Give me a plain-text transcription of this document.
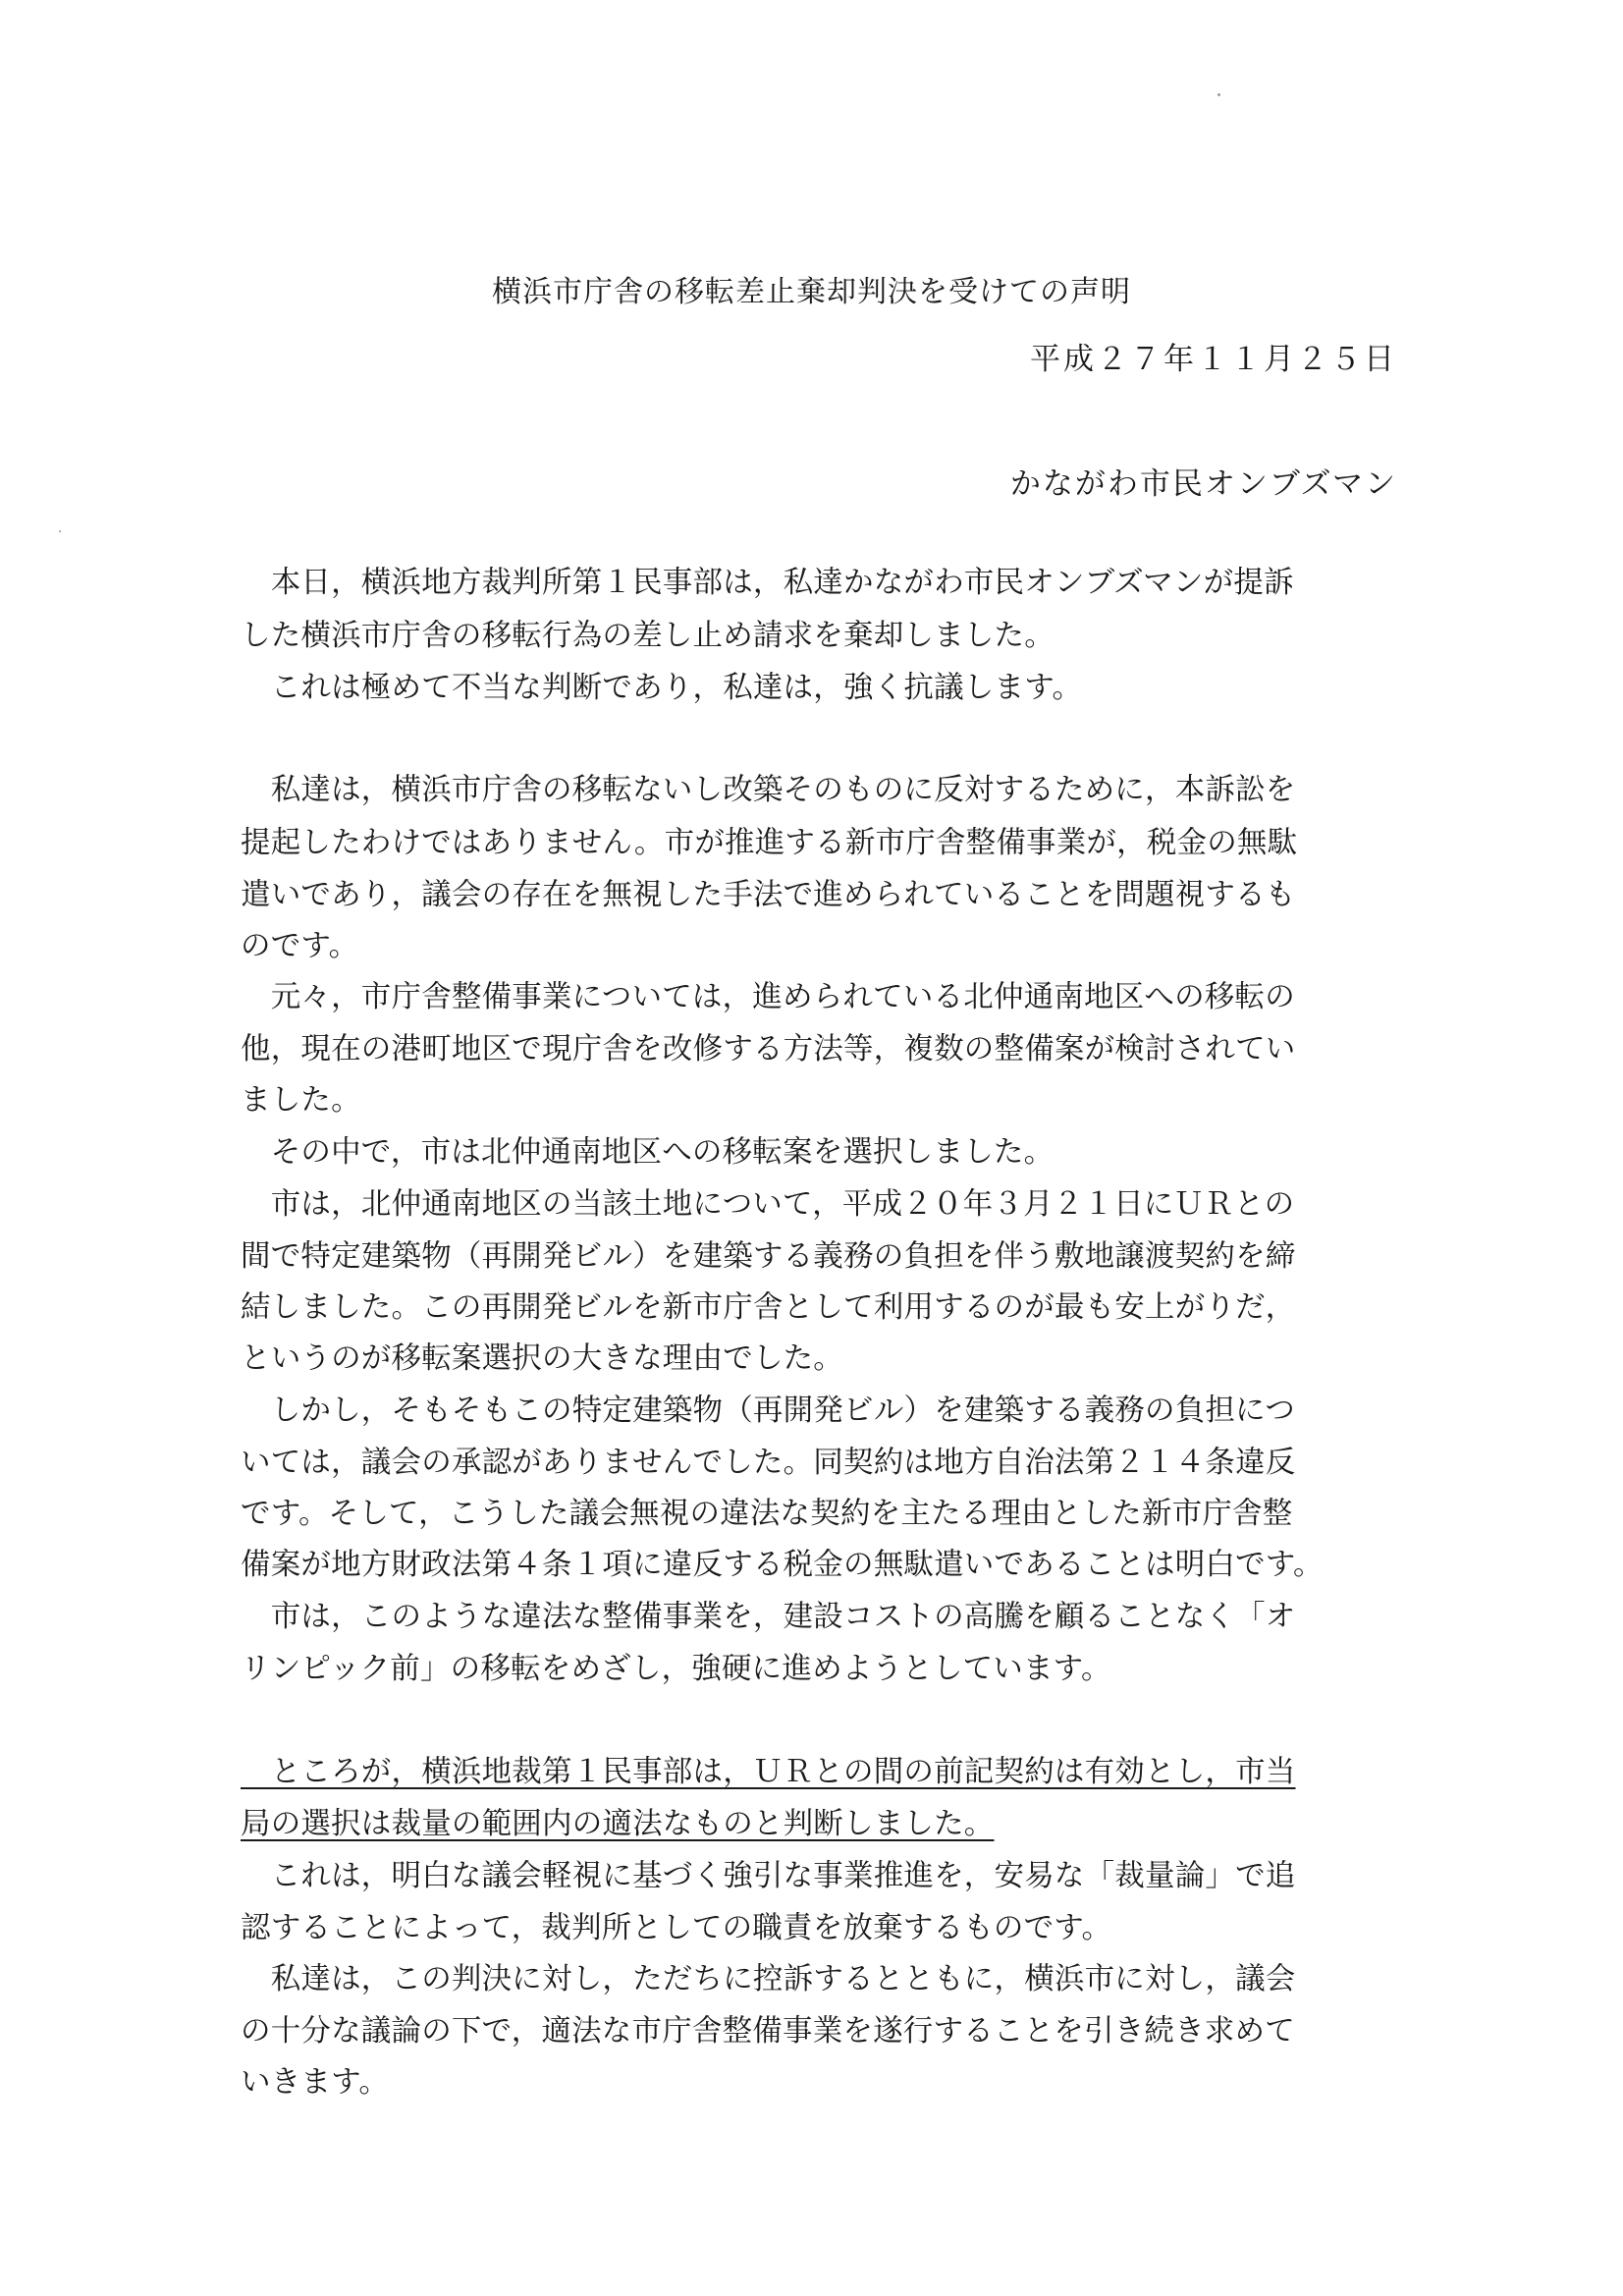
横浜市庁舎の移転差止棄却判決を受けての声明
平成２７年１１月２５日
かながわ市民オンブズマン
　本日，横浜地方裁判所第１民事部は，私達かながわ市民オンブズマンが提訴
した横浜市庁舎の移転行為の差し止め請求を棄却しました。
　これは極めて不当な判断であり，私達は，強く抗議します。
　私達は，横浜市庁舎の移転ないし改築そのものに反対するために，本訴訟を
提起したわけではありません。市が推進する新市庁舎整備事業が，税金の無駄
遣いであり，議会の存在を無視した手法で進められていることを問題視するも
のです。
　元々，市庁舎整備事業については，進められている北仲通南地区への移転の
他，現在の港町地区で現庁舎を改修する方法等，複数の整備案が検討されてい
ました。
　その中で，市は北仲通南地区への移転案を選択しました。
　市は，北仲通南地区の当該土地について，平成２０年３月２１日にＵＲとの
間で特定建築物（再開発ビル）を建築する義務の負担を伴う敷地譲渡契約を締
結しました。この再開発ビルを新市庁舎として利用するのが最も安上がりだ，
というのが移転案選択の大きな理由でした。
　しかし，そもそもこの特定建築物（再開発ビル）を建築する義務の負担につ
いては，議会の承認がありませんでした。同契約は地方自治法第２１４条違反
です。そして，こうした議会無視の違法な契約を主たる理由とした新市庁舎整
備案が地方財政法第４条１項に違反する税金の無駄遣いであることは明白です。
　市は，このような違法な整備事業を，建設コストの高騰を顧ることなく「オ
リンピック前」の移転をめざし，強硬に進めようとしています。
　ところが，横浜地裁第１民事部は，ＵＲとの間の前記契約は有効とし，市当
局の選択は裁量の範囲内の適法なものと判断しました。
　これは，明白な議会軽視に基づく強引な事業推進を，安易な「裁量論」で追
認することによって，裁判所としての職責を放棄するものです。
　私達は，この判決に対し，ただちに控訴するとともに，横浜市に対し，議会
の十分な議論の下で，適法な市庁舎整備事業を遂行することを引き続き求めて
いきます。
